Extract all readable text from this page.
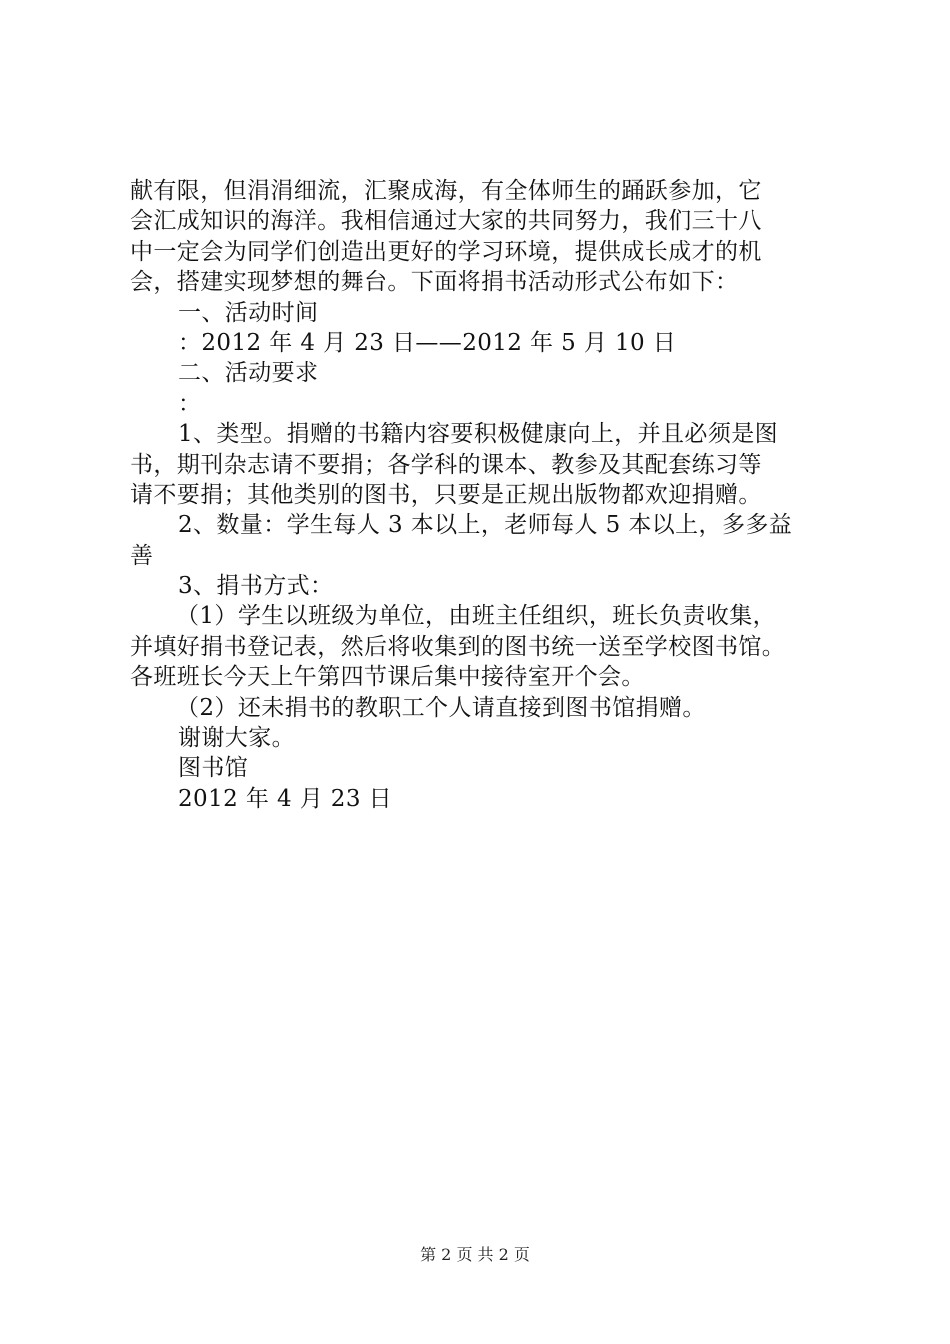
献有限，但涓涓细流，汇聚成海，有全体师生的踊跃参加，它
会汇成知识的海洋。我相信通过大家的共同努力，我们三十八
中一定会为同学们创造出更好的学习环境，提供成长成才的机
会，搭建实现梦想的舞台。下面将捐书活动形式公布如下：
一、活动时间
：2012 年 4 月 23 日——2012 年 5 月 10 日
二、活动要求
：
1、类型。捐赠的书籍内容要积极健康向上，并且必须是图
书，期刊杂志请不要捐；各学科的课本、教参及其配套练习等
请不要捐；其他类别的图书，只要是正规出版物都欢迎捐赠。
2、数量：学生每人 3 本以上，老师每人 5 本以上，多多益
善
3、捐书方式：
（1）学生以班级为单位，由班主任组织，班长负责收集，
并填好捐书登记表，然后将收集到的图书统一送至学校图书馆。
各班班长今天上午第四节课后集中接待室开个会。
（2）还未捐书的教职工个人请直接到图书馆捐赠。
谢谢大家。
图书馆
2012 年 4 月 23 日
第 2 页 共 2 页
